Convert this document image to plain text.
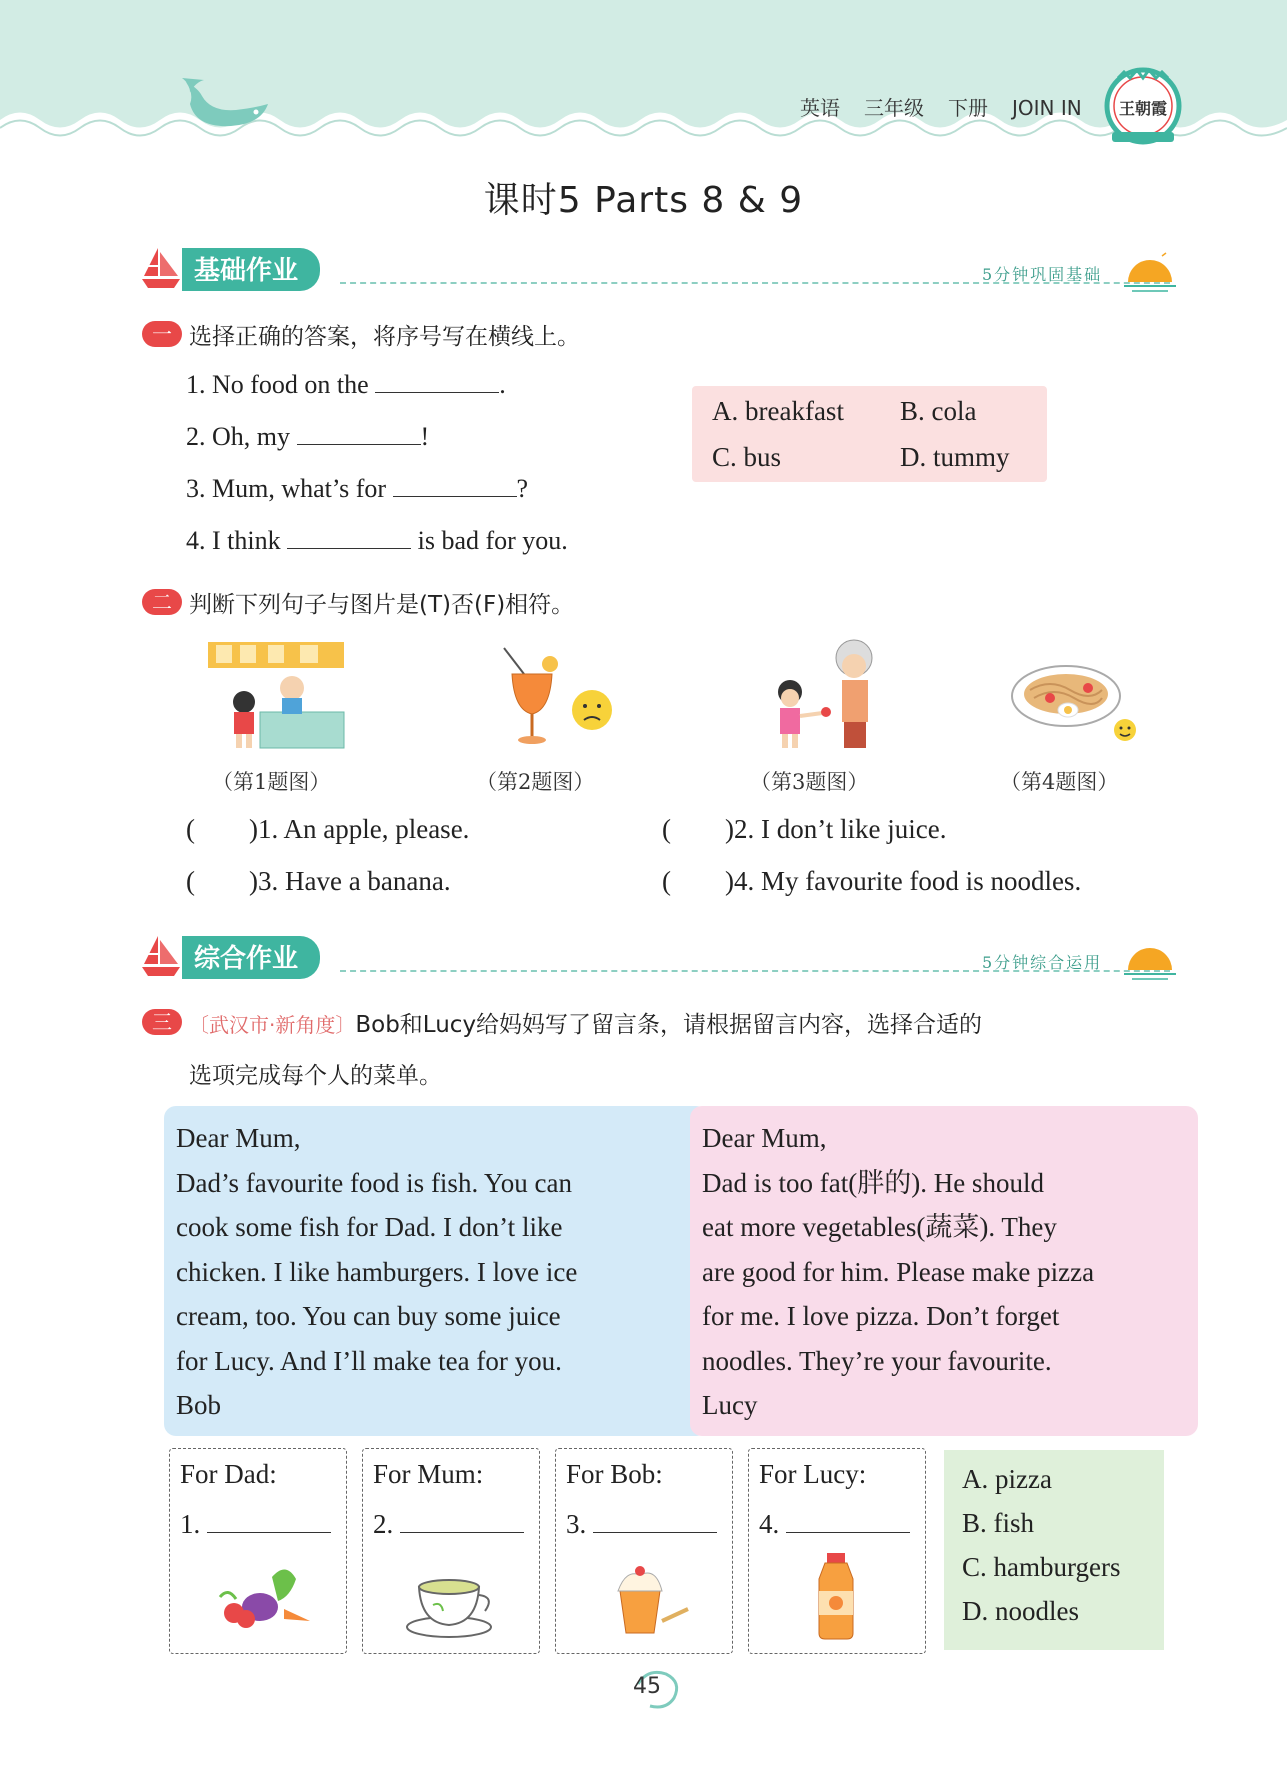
英语 三年级 下册 JOIN IN	王朝霞
课时5 Parts 8 & 9
基础作业	5分钟巩固基础
一 选择正确的答案，将序号写在横线上。
1. No food on the	.
2. Oh, my	!
3. Mum, what’s for	?
4. I think	is bad for you.
A. breakfast B. cola
C. bus	D. tummy
二 判断下列句子与图片是(T)否(F)相符。
（第1题图）	（第2题图）	（第3题图）	（第4题图）
(        )1. An apple, please.	(        )2. I don’t like juice.
(        )3. Have a banana.	(        )4. My favourite food is noodles.
综合作业	5分钟综合运用
三 〔武汉市·新角度〕Bob和Lucy给妈妈写了留言条，请根据留言内容，选择合适的
选项完成每个人的菜单。
Dear Mum,
Dad’s favourite food is fish. You can
cook some fish for Dad. I don’t like
chicken. I like hamburgers. I love ice
cream, too. You can buy some juice
for Lucy. And I’ll make tea for you.
Bob
Dear Mum,
Dad is too fat(胖的). He should
eat more vegetables(蔬菜). They
are good for him. Please make pizza
for me. I love pizza. Don’t forget
noodles. They’re your favourite.
Lucy
For Dad:
1.
For Mum:
2.
For Bob:
3.
For Lucy:
4.
A. pizza
B. fish
C. hamburgers
D. noodles
45
